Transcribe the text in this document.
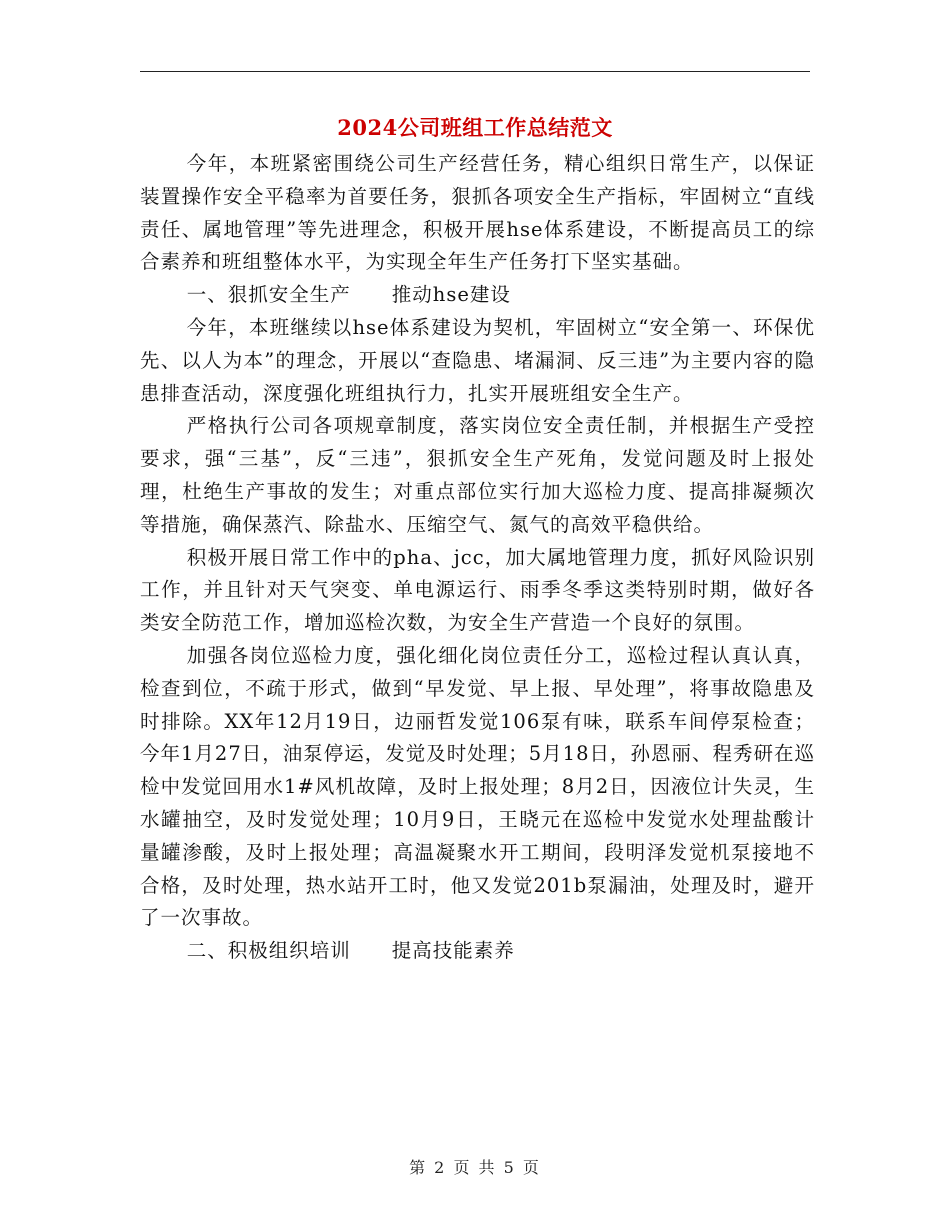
2024公司班组工作总结范文

今年，本班紧密围绕公司生产经营任务，精心组织日常生产，以保证装置操作安全平稳率为首要任务，狠抓各项安全生产指标，牢固树立“直线责任、属地管理”等先进理念，积极开展hse体系建设，不断提高员工的综合素养和班组整体水平，为实现全年生产任务打下坚实基础。

一、狠抓安全生产　　推动hse建设

今年，本班继续以hse体系建设为契机，牢固树立“安全第一、环保优先、以人为本”的理念，开展以“查隐患、堵漏洞、反三违”为主要内容的隐患排查活动，深度强化班组执行力，扎实开展班组安全生产。

严格执行公司各项规章制度，落实岗位安全责任制，并根据生产受控要求，强“三基”，反“三违”，狠抓安全生产死角，发觉问题及时上报处理，杜绝生产事故的发生；对重点部位实行加大巡检力度、提高排凝频次等措施，确保蒸汽、除盐水、压缩空气、氮气的高效平稳供给。

积极开展日常工作中的pha、jcc，加大属地管理力度，抓好风险识别工作，并且针对天气突变、单电源运行、雨季冬季这类特别时期，做好各类安全防范工作，增加巡检次数，为安全生产营造一个良好的氛围。

加强各岗位巡检力度，强化细化岗位责任分工，巡检过程认真认真，检查到位，不疏于形式，做到“早发觉、早上报、早处理”，将事故隐患及时排除。XX年12月19日，边丽哲发觉106泵有味，联系车间停泵检查；今年1月27日，油泵停运，发觉及时处理；5月18日，孙恩丽、程秀研在巡检中发觉回用水1#风机故障，及时上报处理；8月2日，因液位计失灵，生水罐抽空，及时发觉处理；10月9日，王晓元在巡检中发觉水处理盐酸计量罐渗酸，及时上报处理；高温凝聚水开工期间，段明泽发觉机泵接地不合格，及时处理，热水站开工时，他又发觉201b泵漏油，处理及时，避开了一次事故。

二、积极组织培训　　提高技能素养

第 2 页 共 5 页
